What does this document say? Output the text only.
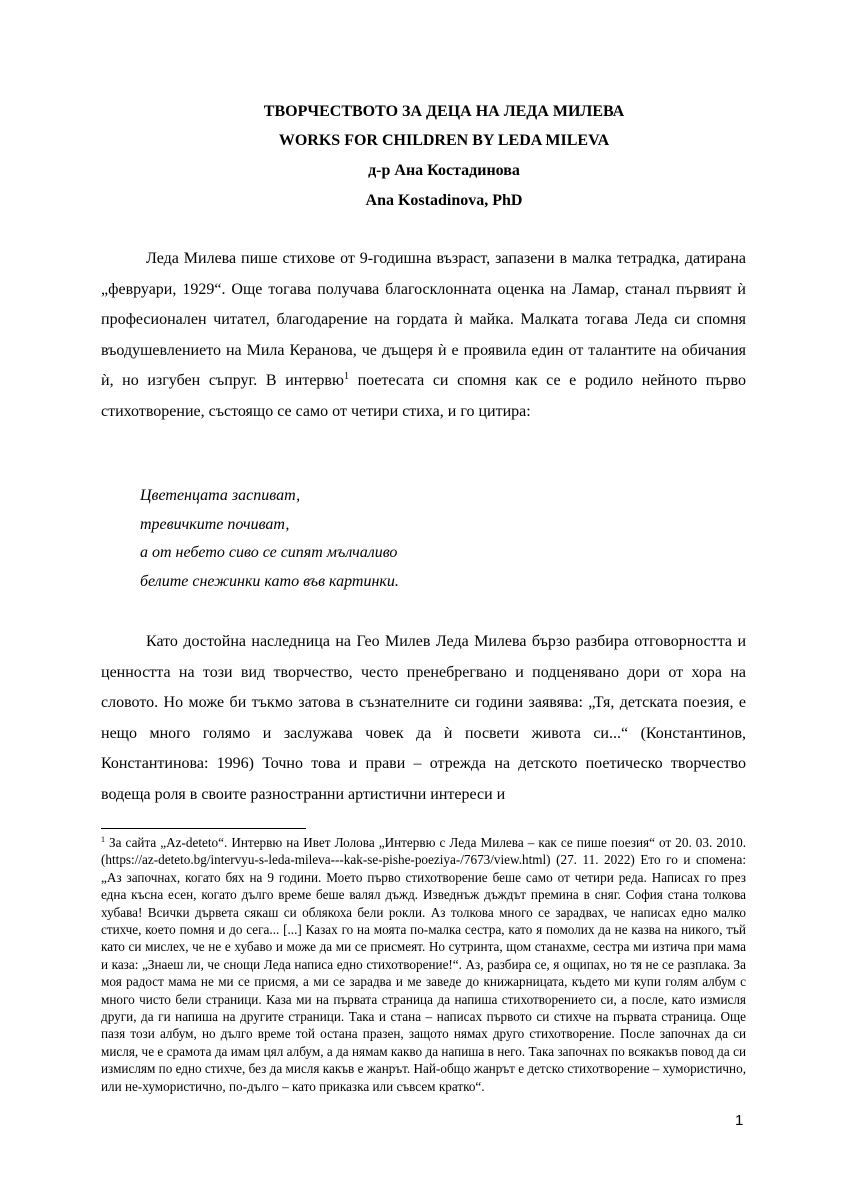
ТВОРЧЕСТВОТО ЗА ДЕЦА НА ЛЕДА МИЛЕВА

WORKS FOR CHILDREN BY LEDA MILEVA

д-р Ана Костадинова

Ana Kostadinova, PhD

Леда Милева пише стихове от 9-годишна възраст, запазени в малка тетрадка, датирана „февруари, 1929“. Още тогава получава благосклонната оценка на Ламар, станал първият ѝ професионален читател, благодарение на гордата ѝ майка. Малката тогава Леда си спомня въодушевлението на Мила Керанова, че дъщеря ѝ е проявила един от талантите на обичания ѝ, но изгубен съпруг. В интервю$^1$ поетесата си спомня как се е родило нейното първо стихотворение, състоящо се само от четири стиха, и го цитира:

Цветенцата заспиват,

тревичките почиват,

а от небето сиво се сипят мълчаливо

белите снежинки като във картинки.

Като достойна наследница на Гео Милев Леда Милева бързо разбира отговорността и ценността на този вид творчество, често пренебрегвано и подценявано дори от хора на словото. Но може би тъкмо затова в съзнателните си години заявява: „Тя, детската поезия, е нещо много голямо и заслужава човек да ѝ посвети живота си...“ (Константинов, Константинова: 1996) Точно това и прави – отрежда на детското поетическо творчество водеща роля в своите разностранни артистични интереси и

$^1$ За сайта „Az-deteto“. Интервю на Ивет Лолова „Интервю с Леда Милева – как се пише поезия“ от 20. 03. 2010. (https://az-deteto.bg/intervyu-s-leda-mileva---kak-se-pishe-poeziya-/7673/view.html) (27. 11. 2022) Ето го и спомена: „Аз започнах, когато бях на 9 години. Моето първо стихотворение беше само от четири реда. Написах го през една късна есен, когато дълго време беше валял дъжд. Изведнъж дъждът премина в сняг. София стана толкова хубава! Всички дървета сякаш си облякоха бели рокли. Аз толкова много се зарадвах, че написах едно малко стихче, което помня и до сега... [...] Казах го на моята по-малка сестра, като я помолих да не казва на никого, тъй като си мислех, че не е хубаво и може да ми се присмеят. Но сутринта, щом станахме, сестра ми изтича при мама и каза: „Знаеш ли, че снощи Леда написа едно стихотворение!“. Аз, разбира се, я ощипах, но тя не се разплака. За моя радост мама не ми се присмя, а ми се зарадва и ме заведе до книжарницата, където ми купи голям албум с много чисто бели страници. Каза ми на първата страница да напиша стихотворението си, а после, като измисля други, да ги напиша на другите страници. Така и стана – написах първото си стихче на първата страница. Още пазя този албум, но дълго време той остана празен, защото нямах друго стихотворение. После започнах да си мисля, че е срамота да имам цял албум, а да нямам какво да напиша в него. Така започнах по всякакъв повод да си измислям по едно стихче, без да мисля какъв е жанрът. Най-общо жанрът е детско стихотворение – хумористично, или не-хумористично, по-дълго – като приказка или съвсем кратко“.

1
